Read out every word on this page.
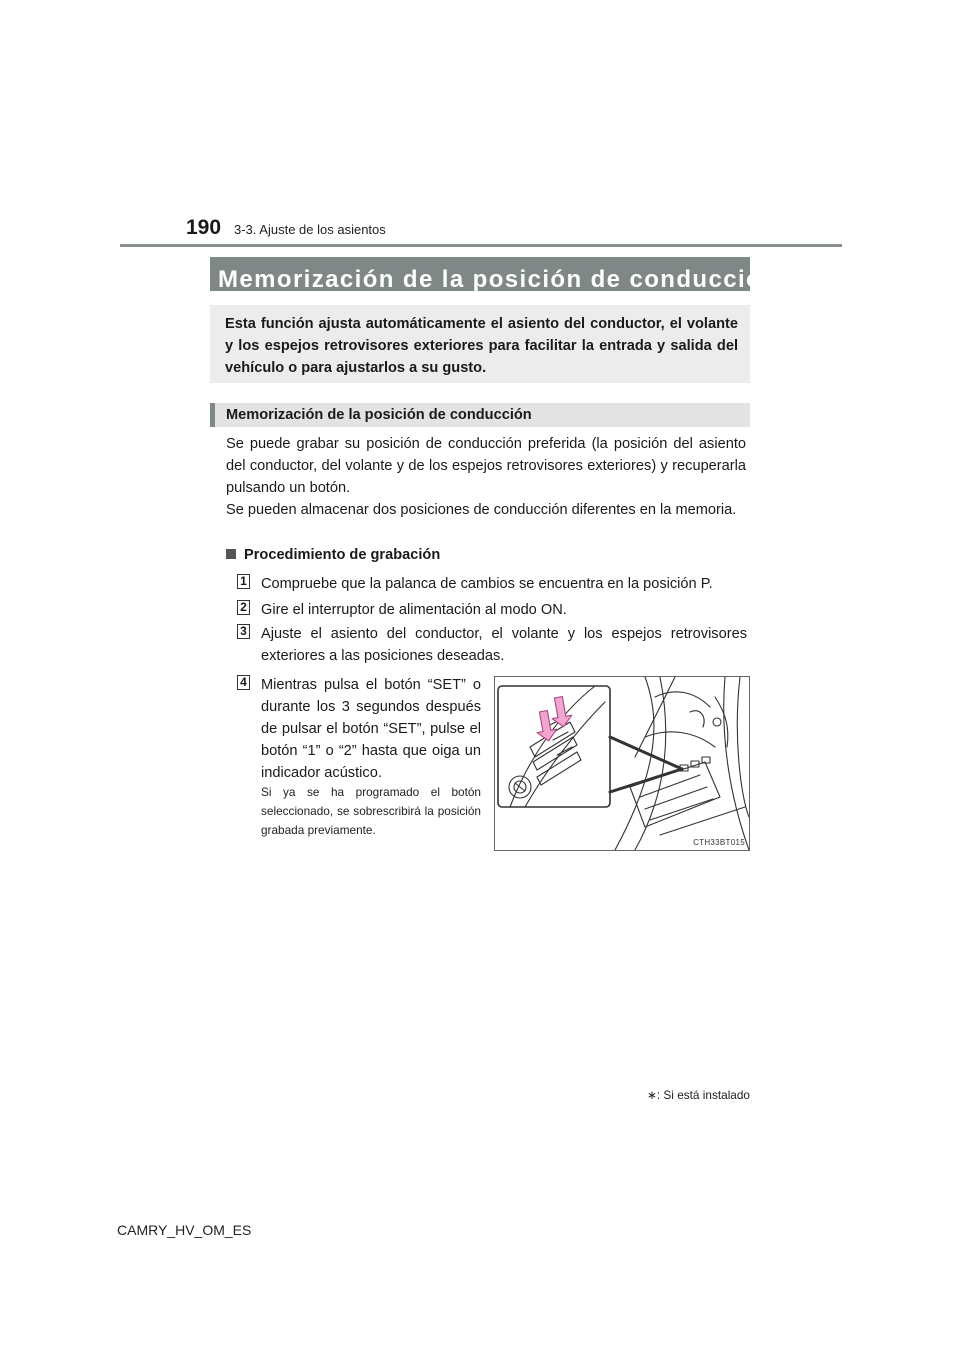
190 3-3. Ajuste de los asientos
Memorización de la posición de conducción∗
Esta función ajusta automáticamente el asiento del conductor, el volante y los espejos retrovisores exteriores para facilitar la entrada y salida del vehículo o para ajustarlos a su gusto.
Memorización de la posición de conducción
Se puede grabar su posición de conducción preferida (la posición del asiento del conductor, del volante y de los espejos retrovisores exteriores) y recuperarla pulsando un botón.
Se pueden almacenar dos posiciones de conducción diferentes en la memoria.
Procedimiento de grabación
1 Compruebe que la palanca de cambios se encuentra en la posición P.
2 Gire el interruptor de alimentación al modo ON.
3 Ajuste el asiento del conductor, el volante y los espejos retrovisores exteriores a las posiciones deseadas.
4 Mientras pulsa el botón “SET” o durante los 3 segundos después de pulsar el botón “SET”, pulse el botón “1” o “2” hasta que oiga un indicador acústico.
Si ya se ha programado el botón seleccionado, se sobrescribirá la posición grabada previamente.
CTH33BT015
∗: Si está instalado
CAMRY_HV_OM_ES
